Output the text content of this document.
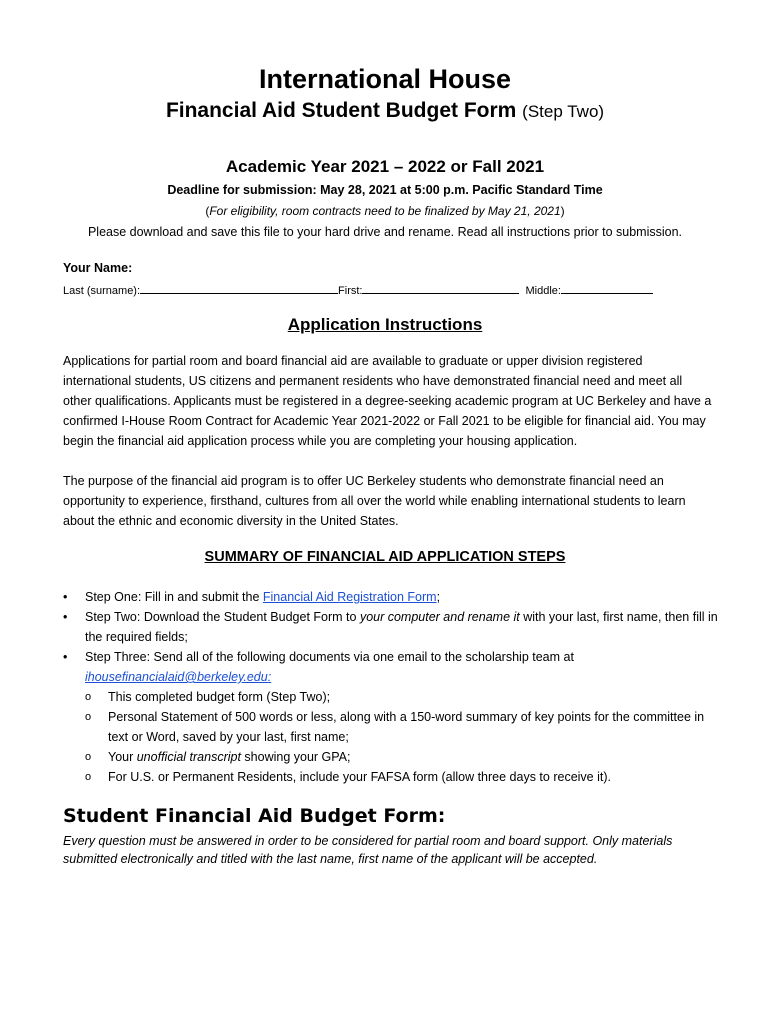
International House
Financial Aid Student Budget Form (Step Two)
Academic Year 2021 – 2022 or Fall 2021
Deadline for submission: May 28, 2021 at 5:00 p.m. Pacific Standard Time
(For eligibility, room contracts need to be finalized by May 21, 2021)
Please download and save this file to your hard drive and rename. Read all instructions prior to submission.
Your Name:
Last (surname):	First:	Middle:
Application Instructions
Applications for partial room and board financial aid are available to graduate or upper division registered international students, US citizens and permanent residents who have demonstrated financial need and meet all other qualifications. Applicants must be registered in a degree-seeking academic program at UC Berkeley and have a confirmed I-House Room Contract for Academic Year 2021-2022 or Fall 2021 to be eligible for financial aid. You may begin the financial aid application process while you are completing your housing application.
The purpose of the financial aid program is to offer UC Berkeley students who demonstrate financial need an opportunity to experience, firsthand, cultures from all over the world while enabling international students to learn about the ethnic and economic diversity in the United States.
SUMMARY OF FINANCIAL AID APPLICATION STEPS
• Step One: Fill in and submit the Financial Aid Registration Form;
• Step Two: Download the Student Budget Form to your computer and rename it with your last, first name, then fill in the required fields;
• Step Three: Send all of the following documents via one email to the scholarship team at
ihousefinancialaid@berkeley.edu:
o This completed budget form (Step Two);
o Personal Statement of 500 words or less, along with a 150-word summary of key points for the committee in text or Word, saved by your last, first name;
o Your unofficial transcript showing your GPA;
o For U.S. or Permanent Residents, include your FAFSA form (allow three days to receive it).
Student Financial Aid Budget Form:
Every question must be answered in order to be considered for partial room and board support. Only materials submitted electronically and titled with the last name, first name of the applicant will be accepted.
